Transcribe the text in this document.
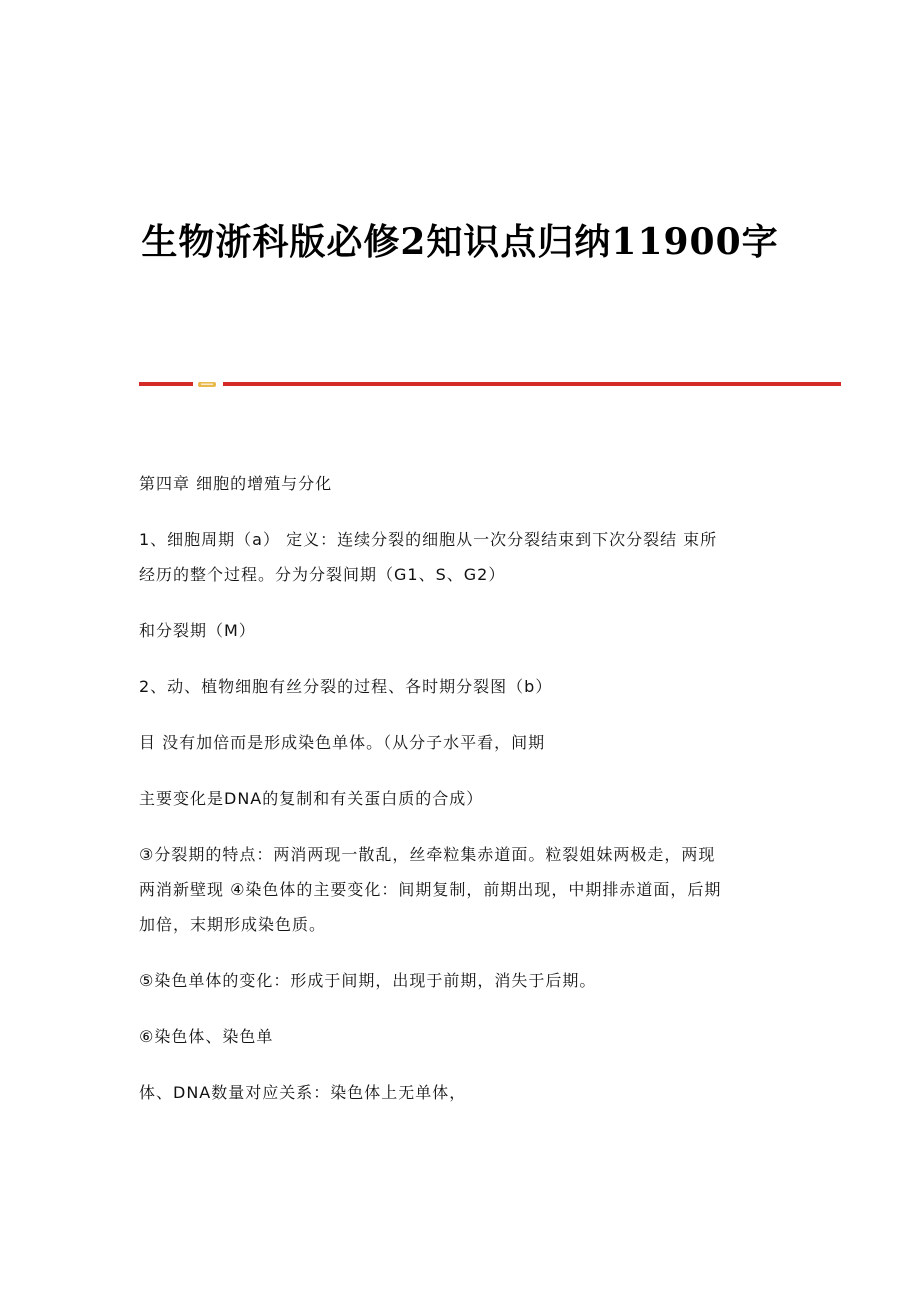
生物浙科版必修2知识点归纳11900字

第四章 细胞的增殖与分化

1、细胞周期（a） 定义：连续分裂的细胞从一次分裂结束到下次分裂结 束所
经历的整个过程。分为分裂间期（G1、S、G2）

和分裂期（M）

2、动、植物细胞有丝分裂的过程、各时期分裂图（b）

目 没有加倍而是形成染色单体。（从分子水平看，间期

主要变化是DNA的复制和有关蛋白质的合成）

③分裂期的特点：两消两现一散乱，丝牵粒集赤道面。粒裂姐妹两极走，两现
两消新壁现 ④染色体的主要变化：间期复制，前期出现，中期排赤道面，后期
加倍，末期形成染色质。

⑤染色单体的变化：形成于间期，出现于前期，消失于后期。

⑥染色体、染色单

体、DNA数量对应关系：染色体上无单体，
